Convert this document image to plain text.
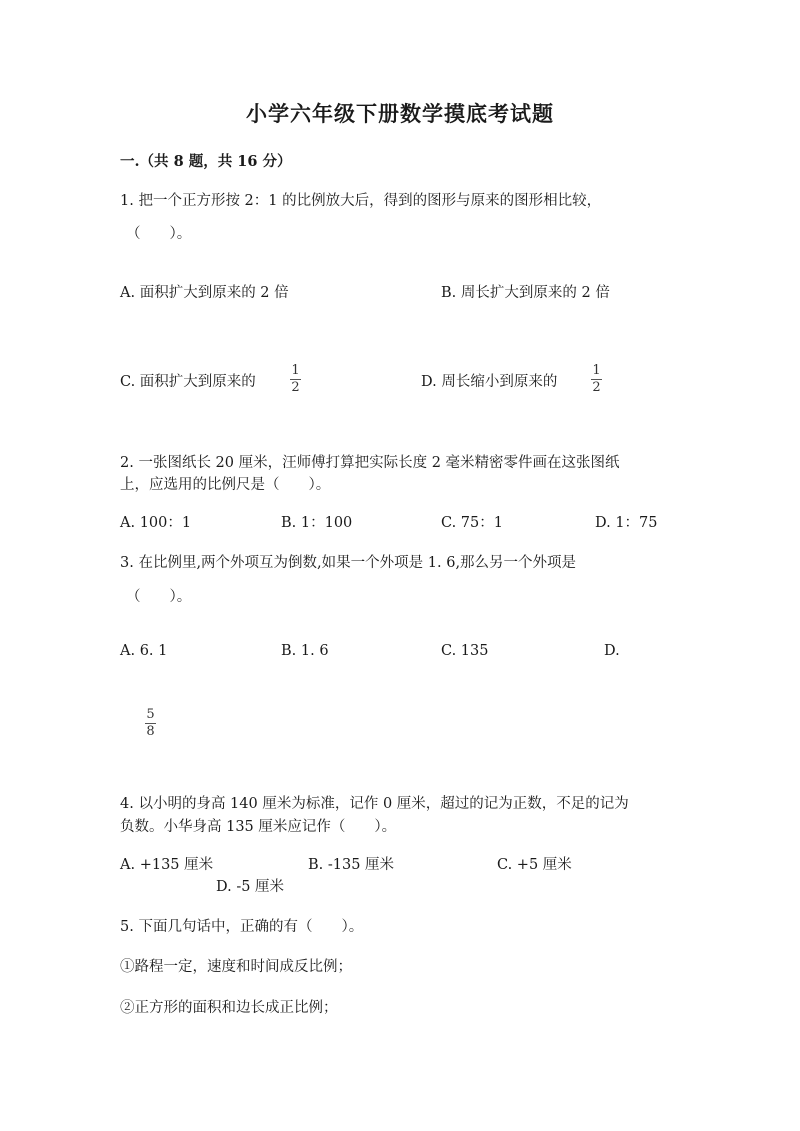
小学六年级下册数学摸底考试题
一.（共 8 题，共 16 分）
1. 把一个正方形按 2：1 的比例放大后，得到的图形与原来的图形相比较，
（　　）。
A. 面积扩大到原来的 2 倍	B. 周长扩大到原来的 2 倍
C. 面积扩大到原来的
1
2	D. 周长缩小到原来的
1
2
2. 一张图纸长 20 厘米，汪师傅打算把实际长度 2 毫米精密零件画在这张图纸
上，应选用的比例尺是（　　）。
A. 100：1	B. 1：100	C. 75：1	D. 1：75
3. 在比例里,两个外项互为倒数,如果一个外项是 1. 6,那么另一个外项是
（　　）。
A. 6. 1	B. 1. 6	C. 135	D.
5
8
4. 以小明的身高 140 厘米为标准，记作 0 厘米，超过的记为正数，不足的记为
负数。小华身高 135 厘米应记作（　　）。
A. +135 厘米	B. -135 厘米	C. +5 厘米
D. -5 厘米
5. 下面几句话中，正确的有（　　）。
①路程一定，速度和时间成反比例；
②正方形的面积和边长成正比例；
